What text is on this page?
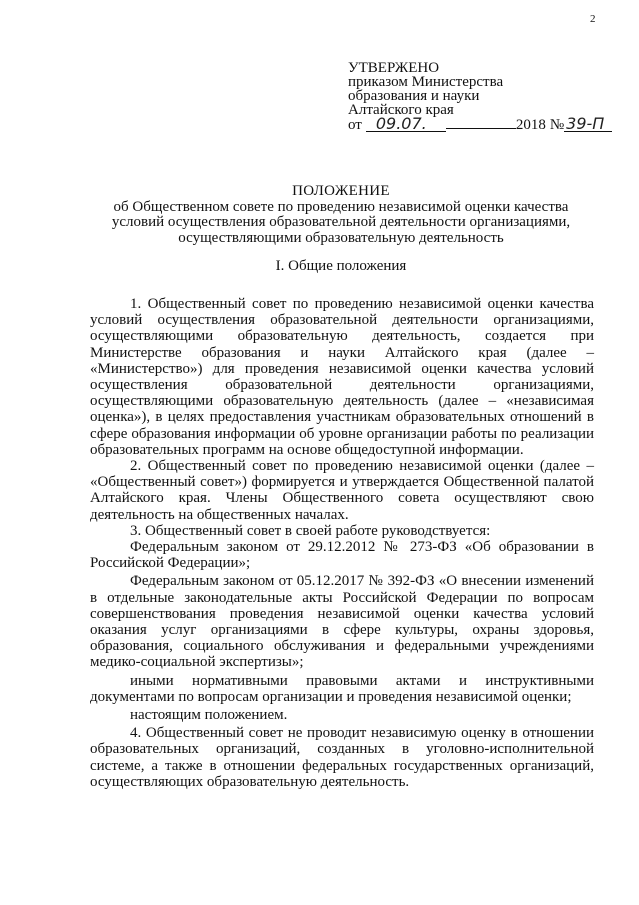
2
УТВЕРЖЕНО
приказом Министерства
образования и науки
Алтайского края
от 09.07.	2018 № 39-П
ПОЛОЖЕНИЕ
об Общественном совете по проведению независимой оценки качества
условий осуществления образовательной деятельности организациями,
осуществляющими образовательную деятельность
I. Общие положения

1. Общественный совет по проведению независимой оценки качества условий осуществления образовательной деятельности организациями, осуществляющими образовательную деятельность, создается при Министерстве образования и науки Алтайского края (далее – «Министерство») для проведения независимой оценки качества условий осуществления образовательной деятельности организациями, осуществляющими образовательную деятельность (далее – «независимая оценка»), в целях предоставления участникам образовательных отношений в сфере образования информации об уровне организации работы по реализации образовательных программ на основе общедоступной информации.

2. Общественный совет по проведению независимой оценки (далее – «Общественный совет») формируется и утверждается Общественной палатой Алтайского края. Члены Общественного совета осуществляют свою деятельность на общественных началах.

3. Общественный совет в своей работе руководствуется:

Федеральным законом от 29.12.2012 № 273-ФЗ «Об образовании в Российской Федерации»;

Федеральным законом от 05.12.2017 № 392-ФЗ «О внесении изменений в отдельные законодательные акты Российской Федерации по вопросам совершенствования проведения независимой оценки качества условий оказания услуг организациями в сфере культуры, охраны здоровья, образования, социального обслуживания и федеральными учреждениями медико-социальной экспертизы»;

иными нормативными правовыми актами и инструктивными документами по вопросам организации и проведения независимой оценки;

настоящим положением.

4. Общественный совет не проводит независимую оценку в отношении образовательных организаций, созданных в уголовно-исполнительной системе, а также в отношении федеральных государственных организаций, осуществляющих образовательную деятельность.
